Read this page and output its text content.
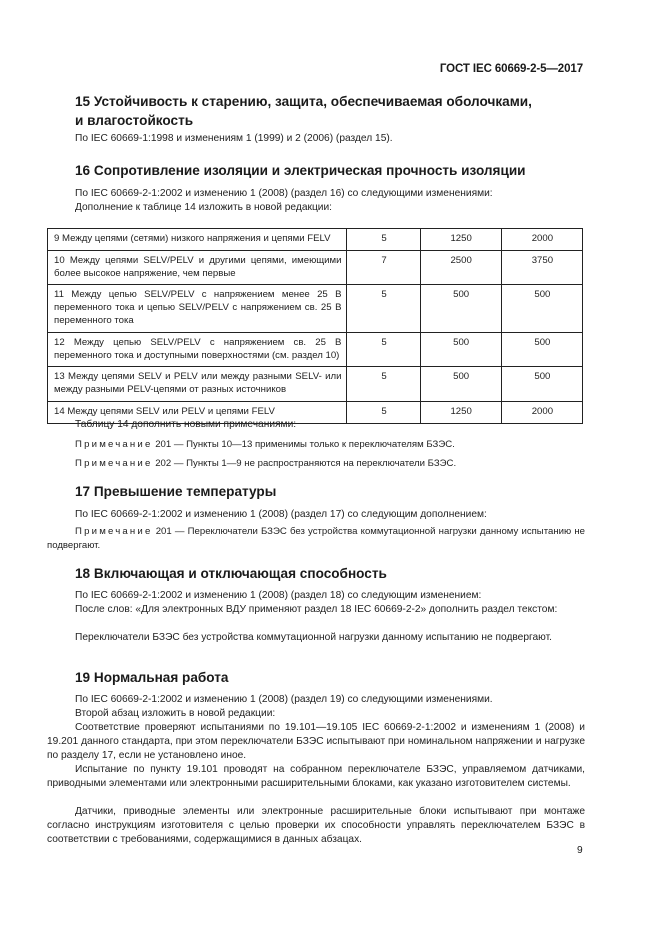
ГОСТ IEC 60669-2-5—2017
15 Устойчивость к старению, защита, обеспечиваемая оболочками,
и влагостойкость

По IEC 60669-1:1998 и изменениям 1 (1999) и 2 (2006) (раздел 15).

16 Сопротивление изоляции и электрическая прочность изоляции

По IEC 60669-2-1:2002 и изменению 1 (2008) (раздел 16) со следующими изменениями:

Дополнение к таблице 14 изложить в новой редакции:

9 Между цепями (сетями) низкого напряжения и цепями FELV	5	1250	2000
10 Между цепями SELV/PELV и другими цепями, имеющими более высокое напряжение, чем первые	7	2500	3750
11 Между цепью SELV/PELV с напряжением менее 25 В переменного тока и цепью SELV/PELV с напряжением св. 25 В переменного тока	5	500	500
12 Между цепью SELV/PELV с напряжением св. 25 В переменного тока и доступными поверхностями (см. раздел 10)	5	500	500
13 Между цепями SELV и PELV или между разными SELV- или между разными PELV-цепями от разных источников	5	500	500
14 Между цепями SELV или PELV и цепями FELV	5	1250	2000

Таблицу 14 дополнить новыми примечаниями:

Примечание 201 — Пункты 10—13 применимы только к переключателям БЗЭС.

Примечание 202 — Пункты 1—9 не распространяются на переключатели БЗЭС.

17 Превышение температуры

По IEC 60669-2-1:2002 и изменению 1 (2008) (раздел 17) со следующим дополнением:

Примечание 201 — Переключатели БЗЭС без устройства коммутационной нагрузки данному испытанию не подвергают.

18 Включающая и отключающая способность

По IEC 60669-2-1:2002 и изменению 1 (2008) (раздел 18) со следующим изменением:

После слов: «Для электронных ВДУ применяют раздел 18 IEC 60669-2-2» дополнить раздел текстом:

Переключатели БЗЭС без устройства коммутационной нагрузки данному испытанию не подвергают.

19 Нормальная работа

По IEC 60669-2-1:2002 и изменению 1 (2008) (раздел 19) со следующими изменениями.

Второй абзац изложить в новой редакции:

Соответствие проверяют испытаниями по 19.101—19.105 IEC 60669-2-1:2002 и изменениям 1 (2008) и 19.201 данного стандарта, при этом переключатели БЗЭС испытывают при номинальном напряжении и нагрузке по разделу 17, если не установлено иное.

Испытание по пункту 19.101 проводят на собранном переключателе БЗЭС, управляемом датчиками, приводными элементами или электронными расширительными блоками, как указано изготовителем системы.

Датчики, приводные элементы или электронные расширительные блоки испытывают при монтаже согласно инструкциям изготовителя с целью проверки их способности управлять переключателем БЗЭС в соответствии с требованиями, содержащимися в данных абзацах.

9
